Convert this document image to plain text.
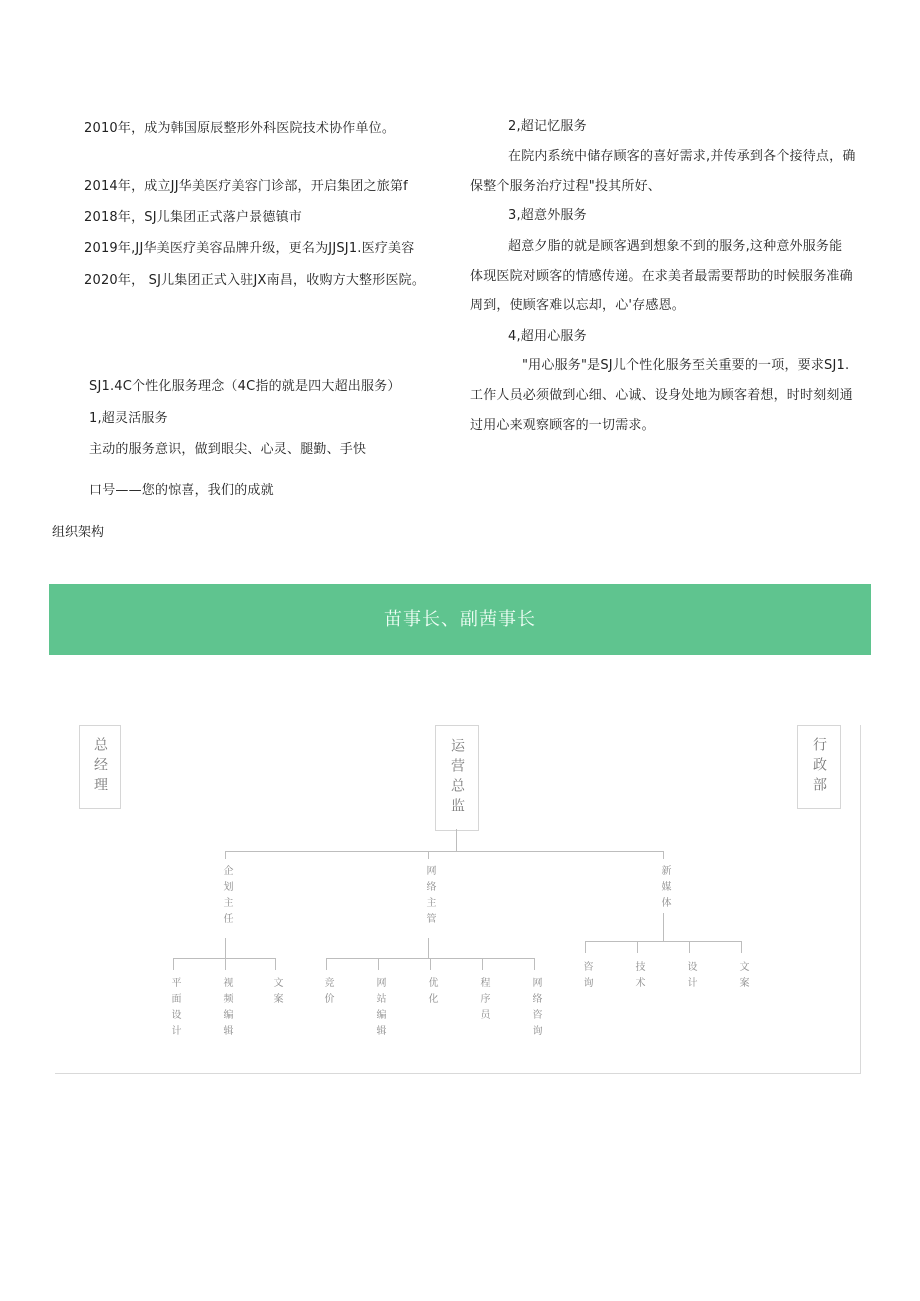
2010年，成为韩国原辰整形外科医院技术协作单位。
2014年，成立JJ华美医疗美容门诊部，开启集团之旅第f
2018年，SJ儿集团正式落户景德镇市
2019年,JJ华美医疗美容品牌升级，更名为JJSJ1.医疗美容
2020年， SJ儿集团正式入驻JX南昌，收购方大整形医院。
SJ1.4C个性化服务理念（4C指的就是四大超出服务）
1,超灵活服务
主动的服务意识，做到眼尖、心灵、腿勤、手快
口号——您的惊喜，我们的成就
2,超记忆服务
在院内系统中储存顾客的喜好需求,并传承到各个接待点，确
保整个服务治疗过程"投其所好、
3,超意外服务
超意夕脂的就是顾客遇到想象不到的服务,这种意外服务能
体现医院对顾客的情感传递。在求美者最需要帮助的时候服务准确
周到，使顾客难以忘却，心'存感恩。
4,超用心服务
"用心服务"是SJ儿个性化服务至关重要的一项，要求SJ1.
工作人员必须做到心细、心诚、设身处地为顾客着想，时时刻刻通
过用心来观察顾客的一切需求。
组织架构
苗事长、副茜事长
总经理	运营总监	行政部
企划主任	网络主管	新媒体
平面设计	视频编辑	文案	竞价	网站编辑	优化	程序员	网络咨询	咨询	技术	设计	文案
